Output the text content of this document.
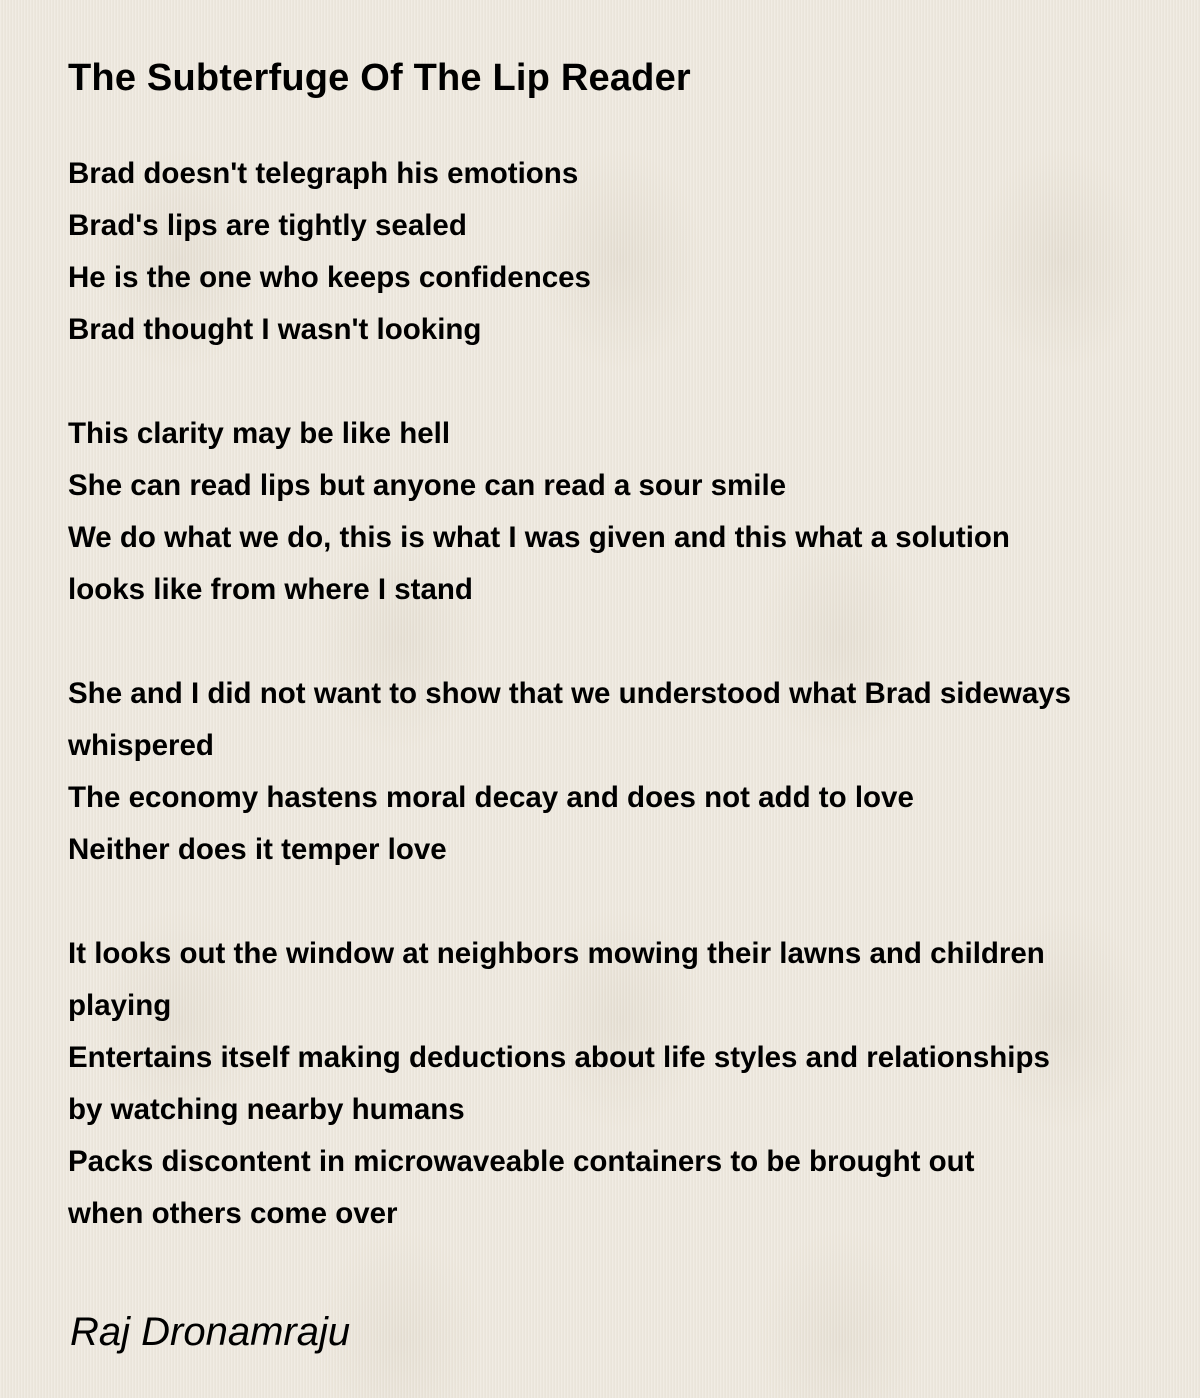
The Subterfuge Of The Lip Reader
Brad doesn't telegraph his emotions
Brad's lips are tightly sealed
He is the one who keeps confidences
Brad thought I wasn't looking
This clarity may be like hell
She can read lips but anyone can read a sour smile
We do what we do, this is what I was given and this what a solution
looks like from where I stand
She and I did not want to show that we understood what Brad sideways
whispered
The economy hastens moral decay and does not add to love
Neither does it temper love
It looks out the window at neighbors mowing their lawns and children
playing
Entertains itself making deductions about life styles and relationships
by watching nearby humans
Packs discontent in microwaveable containers to be brought out
when others come over
Raj Dronamraju
